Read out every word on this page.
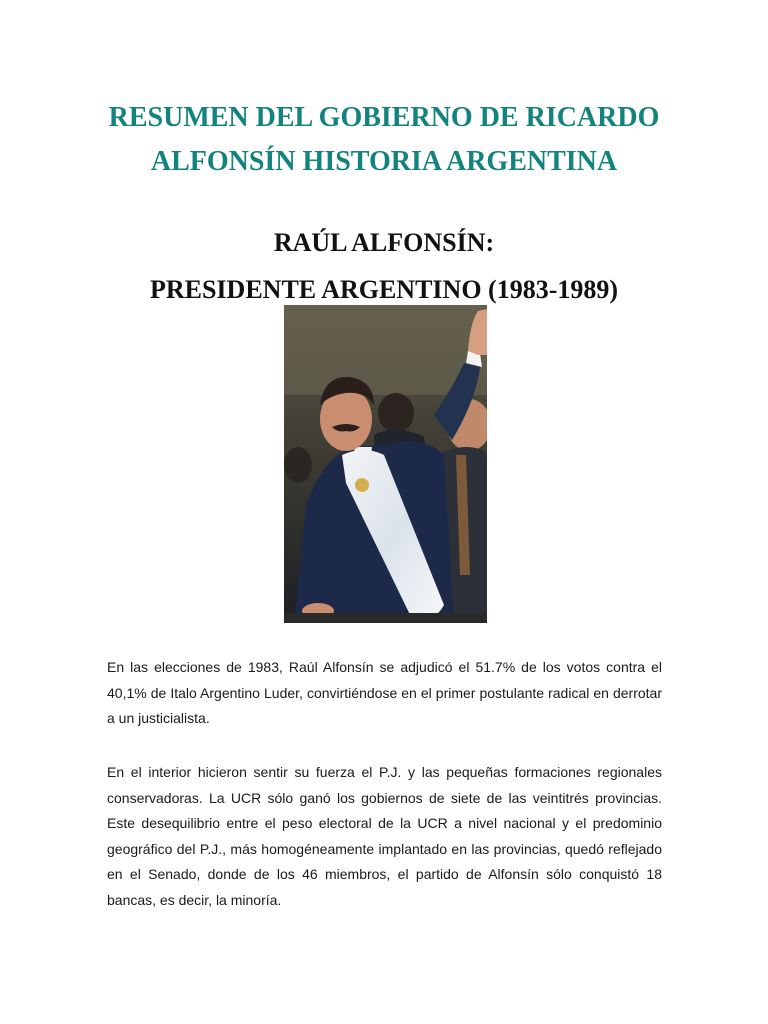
RESUMEN DEL GOBIERNO DE RICARDO ALFONSÍN HISTORIA ARGENTINA
RAÚL ALFONSÍN:
PRESIDENTE ARGENTINO (1983-1989)

En las elecciones de 1983, Raúl Alfonsín se adjudicó el 51.7% de los votos contra el 40,1% de Italo Argentino Luder, convirtiéndose en el primer postulante radical en derrotar a un justicialista.

En el interior hicieron sentir su fuerza el P.J. y las pequeñas formaciones regionales conservadoras. La UCR sólo ganó los gobiernos de siete de las veintitrés provincias. Este desequilibrio entre el peso electoral de la UCR a nivel nacional y el predominio geográfico del P.J., más homogéneamente implantado en las provincias, quedó reflejado en el Senado, donde de los 46 miembros, el partido de Alfonsín sólo conquistó 18 bancas, es decir, la minoría.
